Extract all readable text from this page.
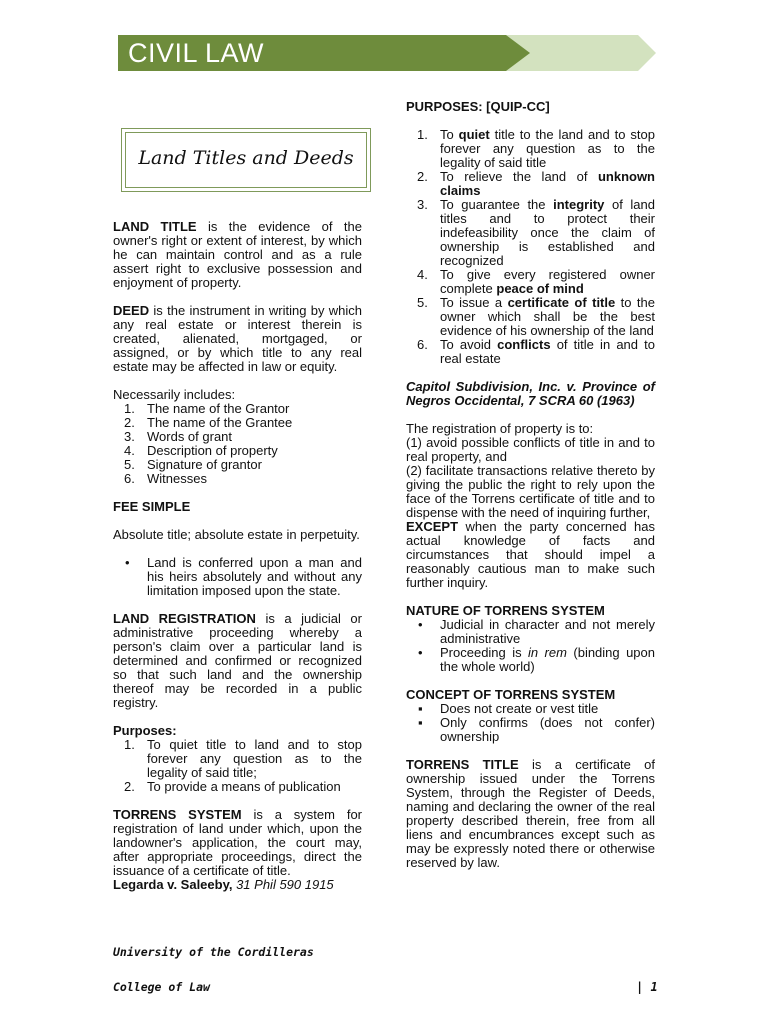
CIVIL LAW
Land Titles and Deeds

LAND TITLE is the evidence of the owner's right or extent of interest, by which he can maintain control and as a rule assert right to exclusive possession and enjoyment of property.

DEED is the instrument in writing by which any real estate or interest therein is created, alienated, mortgaged, or assigned, or by which title to any real estate may be affected in law or equity.

Necessarily includes:

1. The name of the Grantor
2. The name of the Grantee
3. Words of grant
4. Description of property
5. Signature of grantor
6. Witnesses

FEE SIMPLE

Absolute title; absolute estate in perpetuity.

• Land is conferred upon a man and his heirs absolutely and without any limitation imposed upon the state.

LAND REGISTRATION is a judicial or administrative proceeding whereby a person's claim over a particular land is determined and confirmed or recognized so that such land and the ownership thereof may be recorded in a public registry.

Purposes:

1. To quiet title to land and to stop forever any question as to the legality of said title;
2. To provide a means of publication

TORRENS SYSTEM is a system for registration of land under which, upon the landowner's application, the court may, after appropriate proceedings, direct the issuance of a certificate of title.

Legarda v. Saleeby, 31 Phil 590 1915

PURPOSES: [QUIP-CC]

1. To quiet title to the land and to stop forever any question as to the legality of said title
2. To relieve the land of unknown claims
3. To guarantee the integrity of land titles and to protect their indefeasibility once the claim of ownership is established and recognized
4. To give every registered owner complete peace of mind
5. To issue a certificate of title to the owner which shall be the best evidence of his ownership of the land
6. To avoid conflicts of title in and to real estate

Capitol Subdivision, Inc. v. Province of Negros Occidental, 7 SCRA 60 (1963)

The registration of property is to:

(1) avoid possible conflicts of title in and to real property, and

(2) facilitate transactions relative thereto by giving the public the right to rely upon the face of the Torrens certificate of title and to dispense with the need of inquiring further,

EXCEPT when the party concerned has actual knowledge of facts and circumstances that should impel a reasonably cautious man to make such further inquiry.

NATURE OF TORRENS SYSTEM

• Judicial in character and not merely administrative
• Proceeding is in rem (binding upon the whole world)

CONCEPT OF TORRENS SYSTEM

▪ Does not create or vest title
▪ Only confirms (does not confer) ownership

TORRENS TITLE is a certificate of ownership issued under the Torrens System, through the Register of Deeds, naming and declaring the owner of the real property described therein, free from all liens and encumbrances except such as may be expressly noted there or otherwise reserved by law.

University of the Cordilleras
College of Law	| 1
